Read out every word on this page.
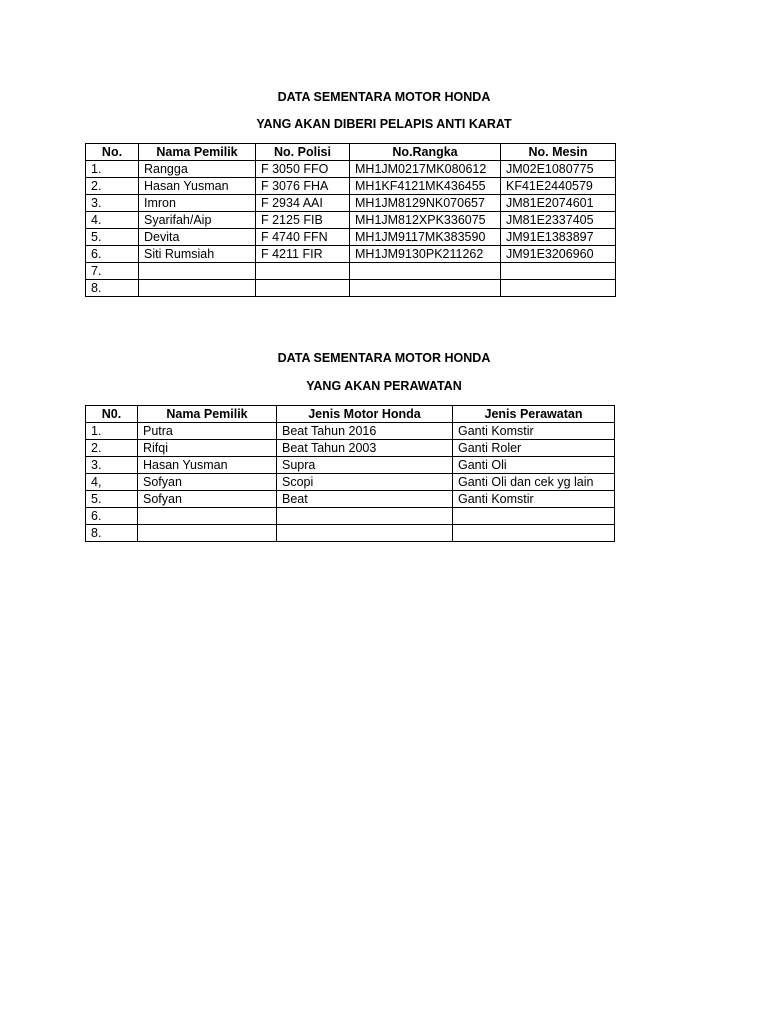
DATA SEMENTARA MOTOR HONDA
YANG AKAN DIBERI PELAPIS ANTI KARAT
No.	Nama Pemilik	No. Polisi	No.Rangka	No. Mesin
1.	Rangga	F 3050 FFO	MH1JM0217MK080612	JM02E1080775
2.	Hasan Yusman	F 3076 FHA	MH1KF4121MK436455	KF41E2440579
3.	Imron	F 2934 AAI	MH1JM8129NK070657	JM81E2074601
4.	Syarifah/Aip	F 2125 FIB	MH1JM812XPK336075	JM81E2337405
5.	Devita	F 4740 FFN	MH1JM9117MK383590	JM91E1383897
6.	Siti Rumsiah	F 4211 FIR	MH1JM9130PK211262	JM91E3206960
7.				
8.				
DATA SEMENTARA MOTOR HONDA
YANG AKAN PERAWATAN
N0.	Nama Pemilik	Jenis Motor Honda	Jenis Perawatan
1.	Putra	Beat Tahun 2016	Ganti Komstir
2.	Rifqi	Beat Tahun 2003	Ganti Roler
3.	Hasan Yusman	Supra	Ganti Oli
4,	Sofyan	Scopi	Ganti Oli dan cek yg lain
5.	Sofyan	Beat	Ganti Komstir
6.			
8.			
